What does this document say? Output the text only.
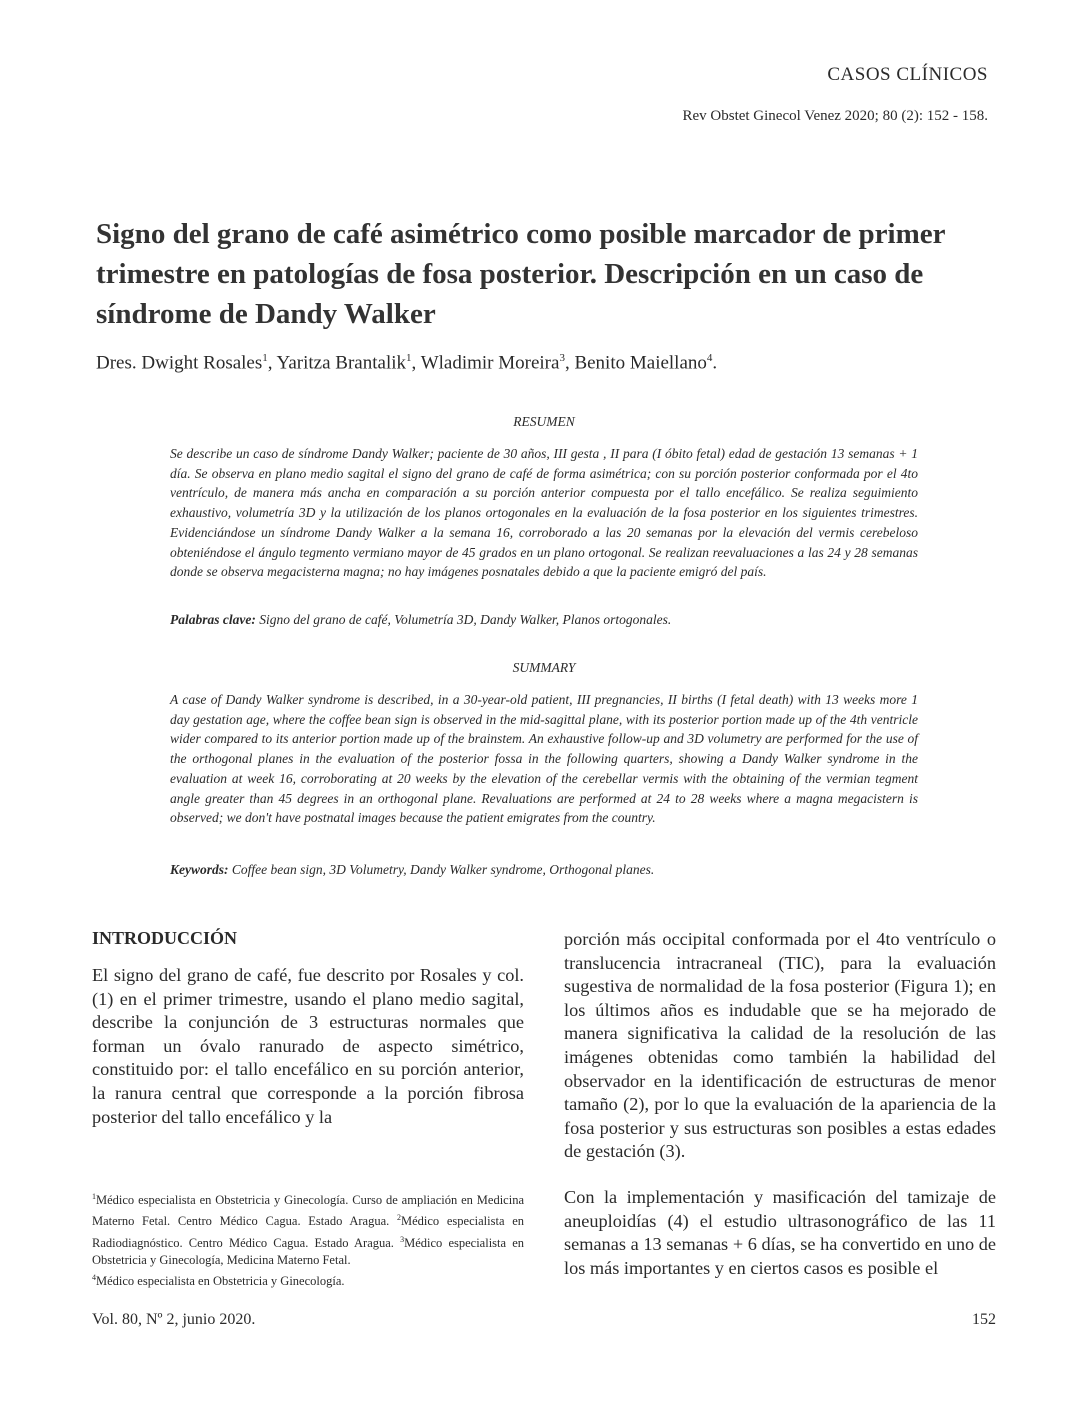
CASOS CLÍNICOS
Rev Obstet Ginecol Venez 2020; 80 (2): 152 - 158.
Signo del grano de café asimétrico como posible marcador de primer trimestre en patologías de fosa posterior. Descripción en un caso de síndrome de Dandy Walker
Dres. Dwight Rosales$^1$, Yaritza Brantalik$^1$, Wladimir Moreira$^3$, Benito Maiellano$^4$.
RESUMEN

Se describe un caso de síndrome Dandy Walker; paciente de 30 años, III gesta , II para (I óbito fetal) edad de gestación 13 semanas + 1 día. Se observa en plano medio sagital el signo del grano de café de forma asimétrica; con su porción posterior conformada por el 4to ventrículo, de manera más ancha en comparación a su porción anterior compuesta por el tallo encefálico. Se realiza seguimiento exhaustivo, volumetría 3D y la utilización de los planos ortogonales en la evaluación de la fosa posterior en los siguientes trimestres. Evidenciándose un síndrome Dandy Walker a la semana 16, corroborado a las 20 semanas por la elevación del vermis cerebeloso obteniéndose el ángulo tegmento vermiano mayor de 45 grados en un plano ortogonal. Se realizan reevaluaciones a las 24 y 28 semanas donde se observa megacisterna magna; no hay imágenes posnatales debido a que la paciente emigró del país.

Palabras clave: Signo del grano de café, Volumetría 3D, Dandy Walker, Planos ortogonales.
SUMMARY

A case of Dandy Walker syndrome is described, in a 30-year-old patient, III pregnancies, II births (I fetal death) with 13 weeks more 1 day gestation age, where the coffee bean sign is observed in the mid-sagittal plane, with its posterior portion made up of the 4th ventricle wider compared to its anterior portion made up of the brainstem. An exhaustive follow-up and 3D volumetry are performed for the use of the orthogonal planes in the evaluation of the posterior fossa in the following quarters, showing a Dandy Walker syndrome in the evaluation at week 16, corroborating at 20 weeks by the elevation of the cerebellar vermis with the obtaining of the vermian tegment angle greater than 45 degrees in an orthogonal plane. Revaluations are performed at 24 to 28 weeks where a magna megacistern is observed; we don't have postnatal images because the patient emigrates from the country.

Keywords: Coffee bean sign, 3D Volumetry, Dandy Walker syndrome, Orthogonal planes.
INTRODUCCIÓN

El signo del grano de café, fue descrito por Rosales y col. (1) en el primer trimestre, usando el plano medio sagital, describe la conjunción de 3 estructuras normales que forman un óvalo ranurado de aspecto simétrico, constituido por: el tallo encefálico en su porción anterior, la ranura central que corresponde a la porción fibrosa posterior del tallo encefálico y la

porción más occipital conformada por el 4to ventrículo o translucencia intracraneal (TIC), para la evaluación sugestiva de normalidad de la fosa posterior (Figura 1); en los últimos años es indudable que se ha mejorado de manera significativa la calidad de la resolución de las imágenes obtenidas como también la habilidad del observador en la identificación de estructuras de menor tamaño (2), por lo que la evaluación de la apariencia de la fosa posterior y sus estructuras son posibles a estas edades de gestación (3).

Con la implementación y masificación del tamizaje de aneuploidías (4) el estudio ultrasonográfico de las 11 semanas a 13 semanas + 6 días, se ha convertido en uno de los más importantes y en ciertos casos es posible el

$^1$Médico especialista en Obstetricia y Ginecología. Curso de ampliación en Medicina Materno Fetal. Centro Médico Cagua. Estado Aragua. $^2$Médico especialista en Radiodiagnóstico. Centro Médico Cagua. Estado Aragua. $^3$Médico especialista en Obstetricia y Ginecología, Medicina Materno Fetal.

$^4$Médico especialista en Obstetricia y Ginecología.

Vol. 80, Nº 2, junio 2020.	152
